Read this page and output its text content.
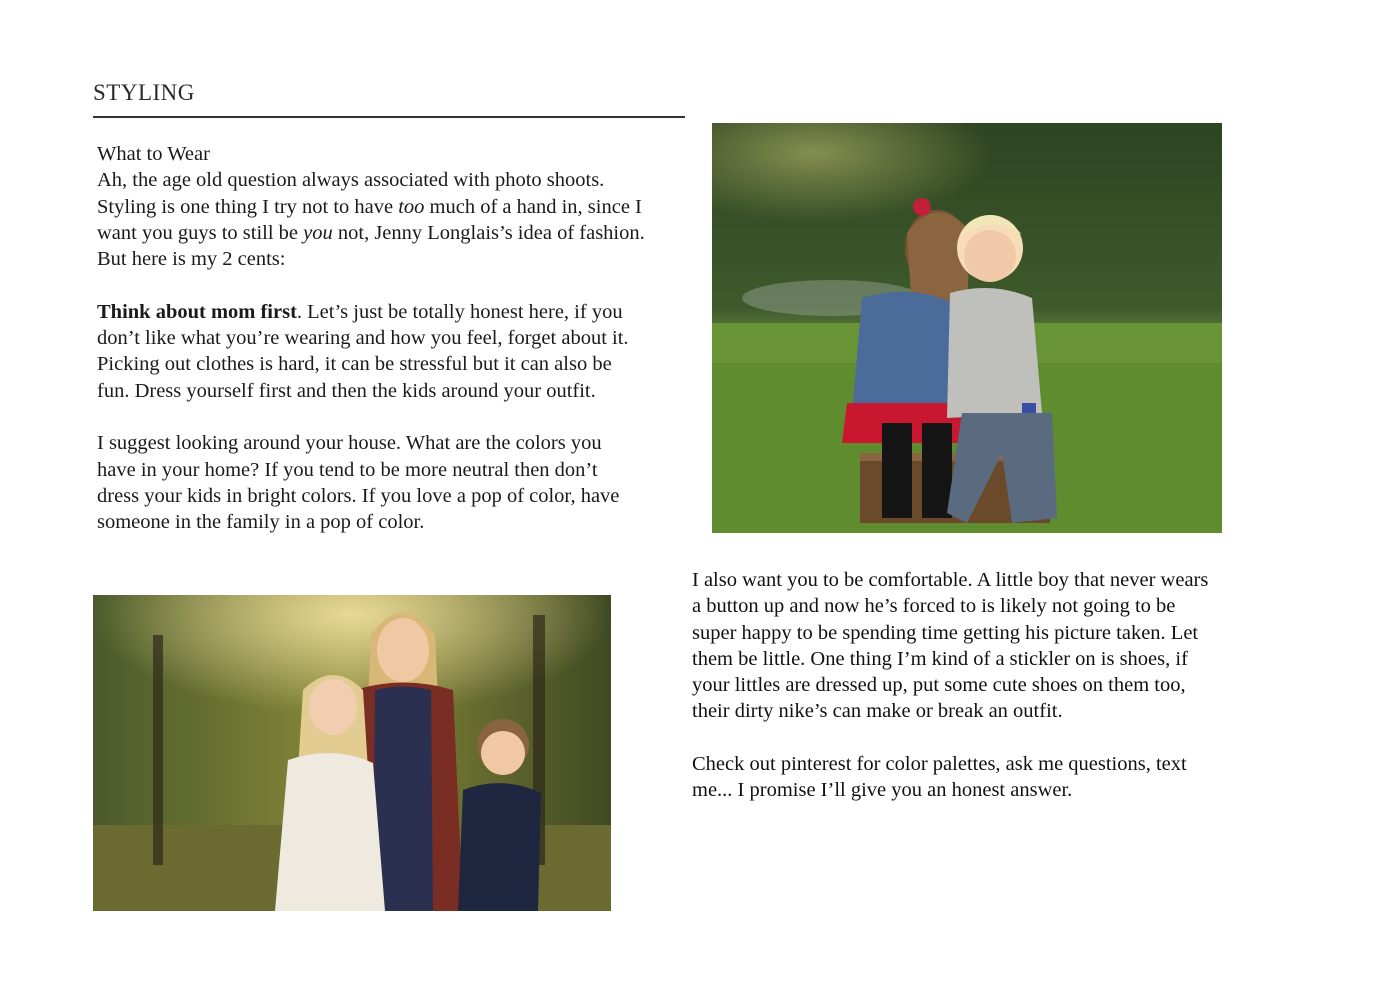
STYLING

What to Wear

Ah, the age old question always associated with photo shoots.

Styling is one thing I try not to have too much of a hand in, since I

want you guys to still be you not, Jenny Longlais’s idea of fashion.

But here is my 2 cents:

Think about mom first. Let’s just be totally honest here, if you

don’t like what you’re wearing and how you feel, forget about it.

Picking out clothes is hard, it can be stressful but it can also be

fun. Dress yourself first and then the kids around your outfit.

I suggest looking around your house. What are the colors you

have in your home? If you tend to be more neutral then don’t

dress your kids in bright colors. If you love a pop of color, have

someone in the family in a pop of color.

I also want you to be comfortable. A little boy that never wears

a button up and now he’s forced to is likely not going to be

super happy to be spending time getting his picture taken. Let

them be little. One thing I’m kind of a stickler on is shoes, if

your littles are dressed up, put some cute shoes on them too,

their dirty nike’s can make or break an outfit.

Check out pinterest for color palettes, ask me questions, text

me... I promise I’ll give you an honest answer.
